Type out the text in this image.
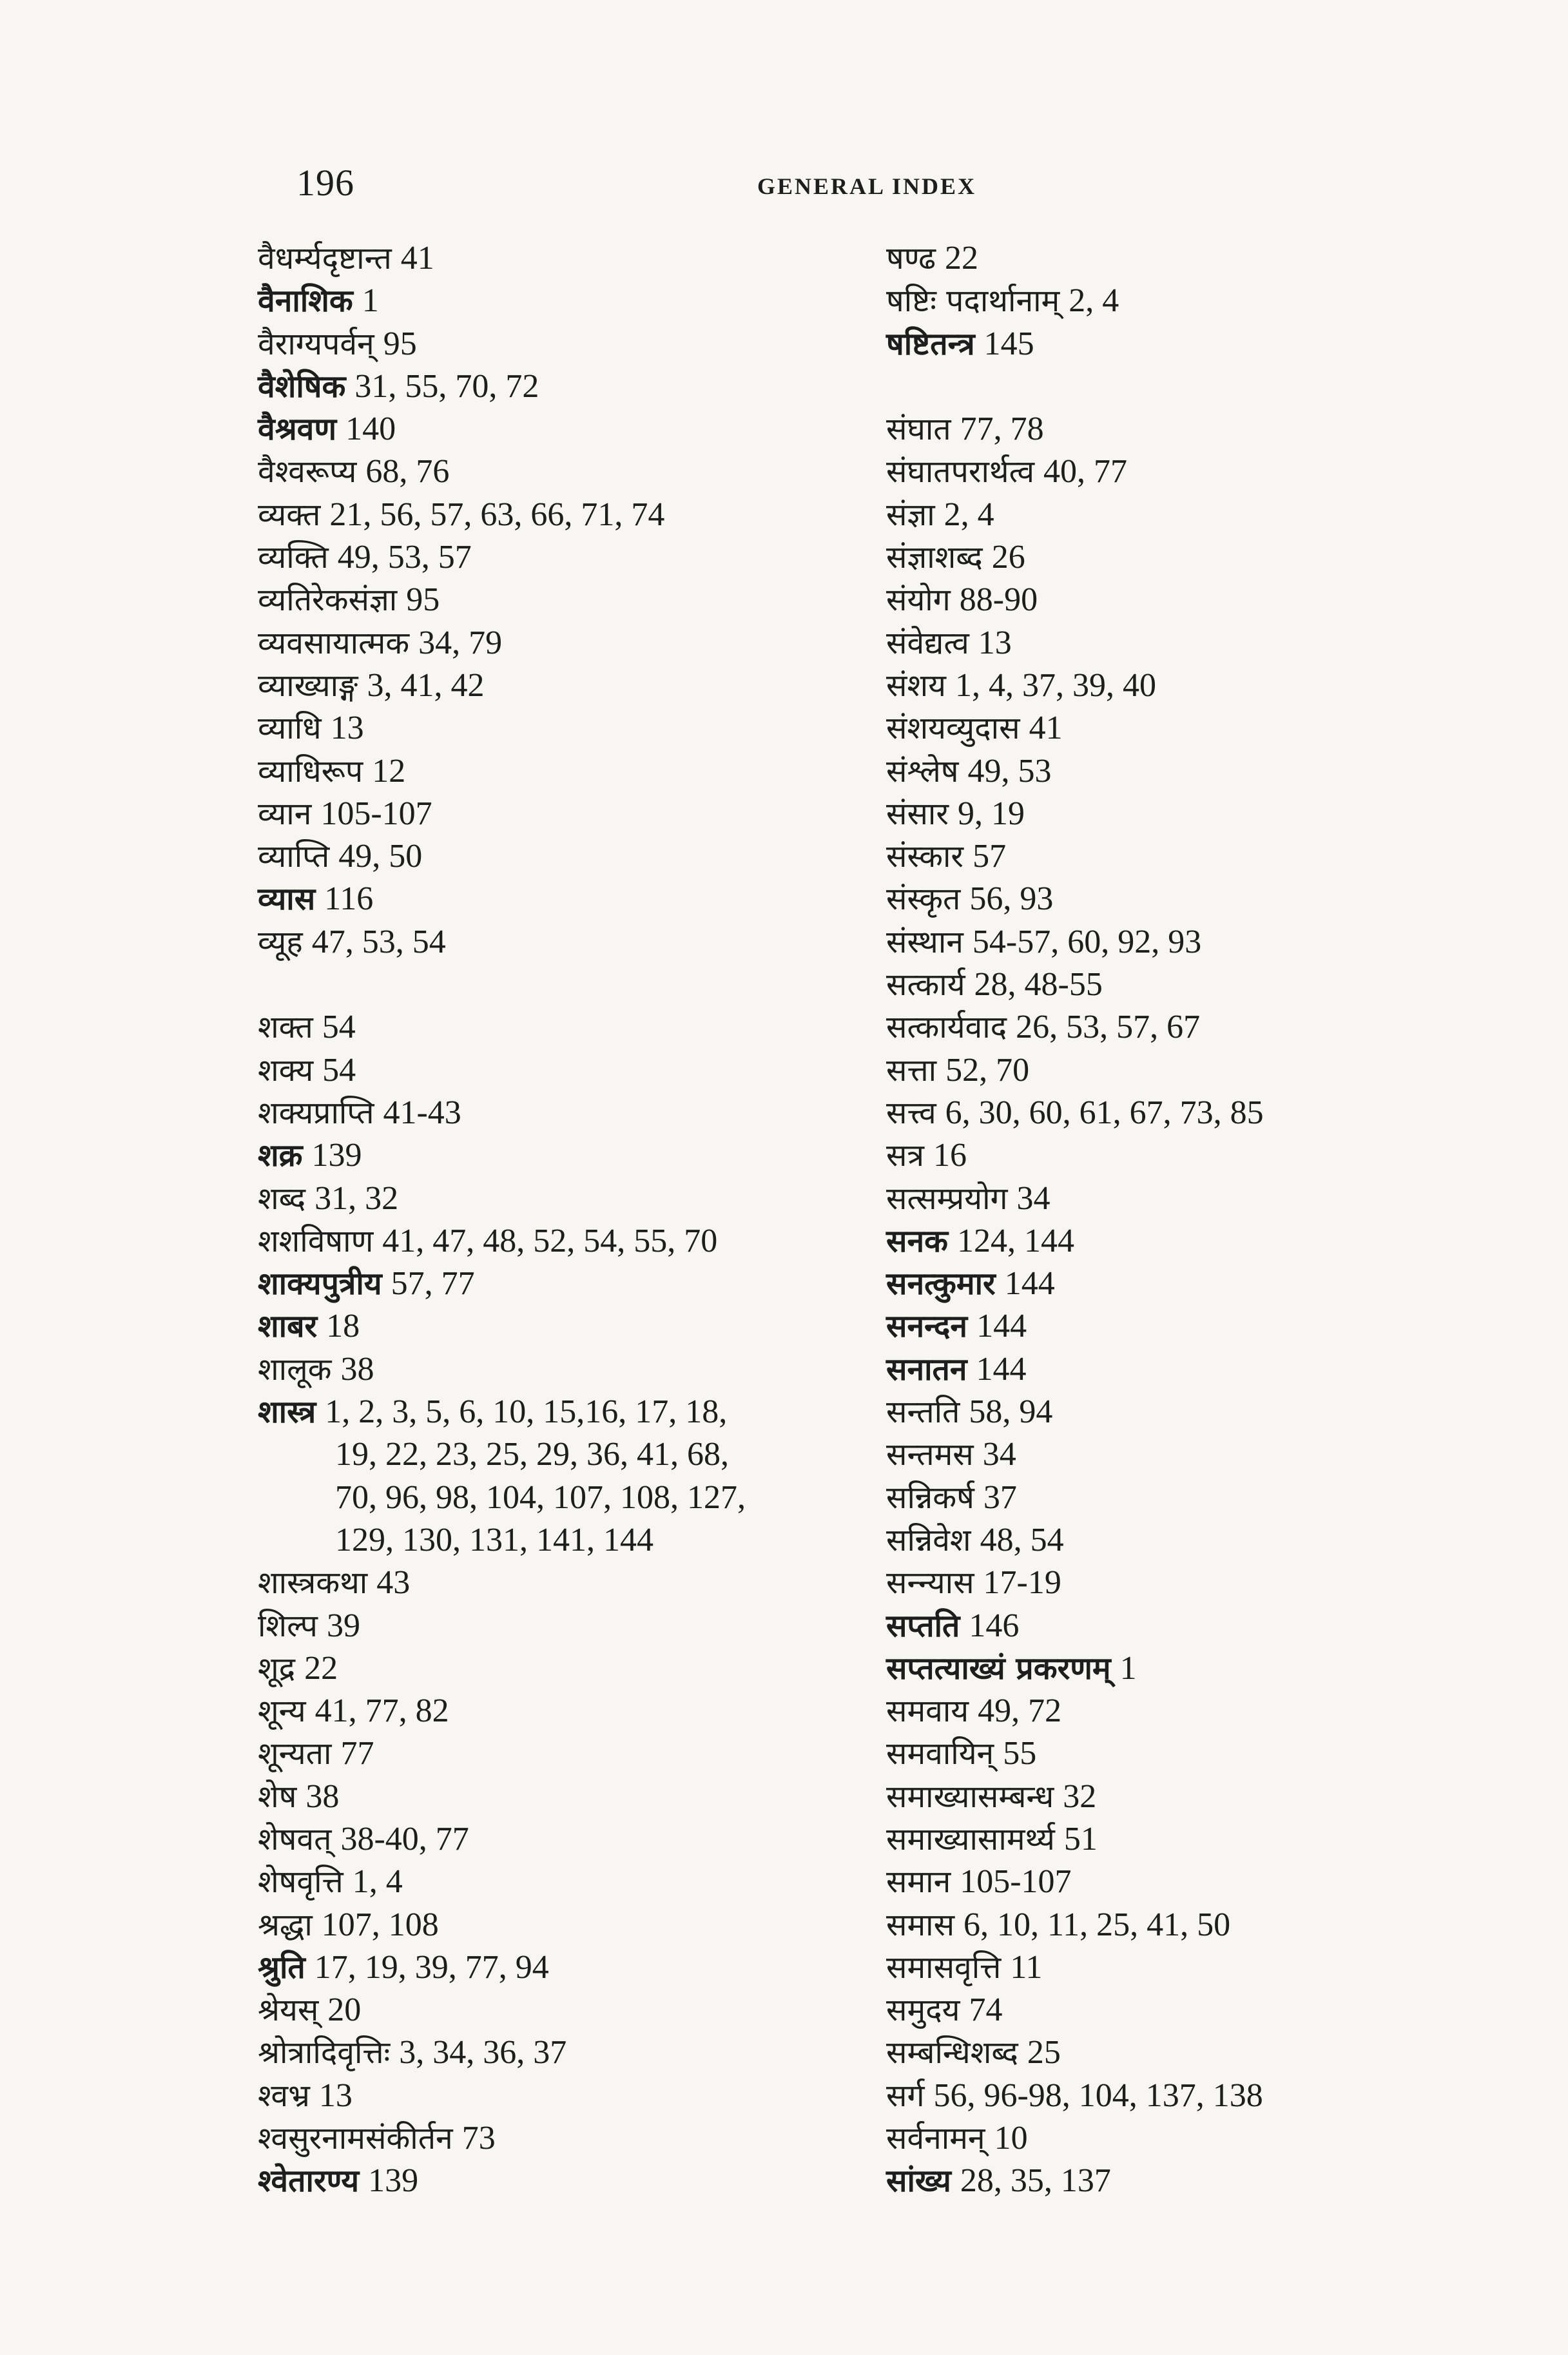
196	GENERAL INDEX
वैधर्म्यदृष्टान्त 41
वैनाशिक 1
वैराग्यपर्वन् 95
वैशेषिक 31, 55, 70, 72
वैश्रवण 140
वैश्वरूप्य 68, 76
व्यक्त 21, 56, 57, 63, 66, 71, 74
व्यक्ति 49, 53, 57
व्यतिरेकसंज्ञा 95
व्यवसायात्मक 34, 79
व्याख्याङ्ग 3, 41, 42
व्याधि 13
व्याधिरूप 12
व्यान 105-107
व्याप्ति 49, 50
व्यास 116
व्यूह 47, 53, 54
शक्त 54
शक्य 54
शक्यप्राप्ति 41-43
शक्र 139
शब्द 31, 32
शशविषाण 41, 47, 48, 52, 54, 55, 70
शाक्यपुत्रीय 57, 77
शाबर 18
शालूक 38
शास्त्र 1, 2, 3, 5, 6, 10, 15,16, 17, 18,
19, 22, 23, 25, 29, 36, 41, 68,
70, 96, 98, 104, 107, 108, 127,
129, 130, 131, 141, 144
शास्त्रकथा 43
शिल्प 39
शूद्र 22
शून्य 41, 77, 82
शून्यता 77
शेष 38
शेषवत् 38-40, 77
शेषवृत्ति 1, 4
श्रद्धा 107, 108
श्रुति 17, 19, 39, 77, 94
श्रेयस् 20
श्रोत्रादिवृत्तिः 3, 34, 36, 37
श्वभ्र 13
श्वसुरनामसंकीर्तन 73
श्वेतारण्य 139
षण्ढ 22
षष्टिः पदार्थानाम् 2, 4
षष्टितन्त्र 145
संघात 77, 78
संघातपरार्थत्व 40, 77
संज्ञा 2, 4
संज्ञाशब्द 26
संयोग 88-90
संवेद्यत्व 13
संशय 1, 4, 37, 39, 40
संशयव्युदास 41
संश्लेष 49, 53
संसार 9, 19
संस्कार 57
संस्कृत 56, 93
संस्थान 54-57, 60, 92, 93
सत्कार्य 28, 48-55
सत्कार्यवाद 26, 53, 57, 67
सत्ता 52, 70
सत्त्व 6, 30, 60, 61, 67, 73, 85
सत्र 16
सत्सम्प्रयोग 34
सनक 124, 144
सनत्कुमार 144
सनन्दन 144
सनातन 144
सन्तति 58, 94
सन्तमस 34
सन्निकर्ष 37
सन्निवेश 48, 54
सन्न्यास 17-19
सप्तति 146
सप्तत्याख्यं प्रकरणम् 1
समवाय 49, 72
समवायिन् 55
समाख्यासम्बन्ध 32
समाख्यासामर्थ्य 51
समान 105-107
समास 6, 10, 11, 25, 41, 50
समासवृत्ति 11
समुदय 74
सम्बन्धिशब्द 25
सर्ग 56, 96-98, 104, 137, 138
सर्वनामन् 10
सांख्य 28, 35, 137
